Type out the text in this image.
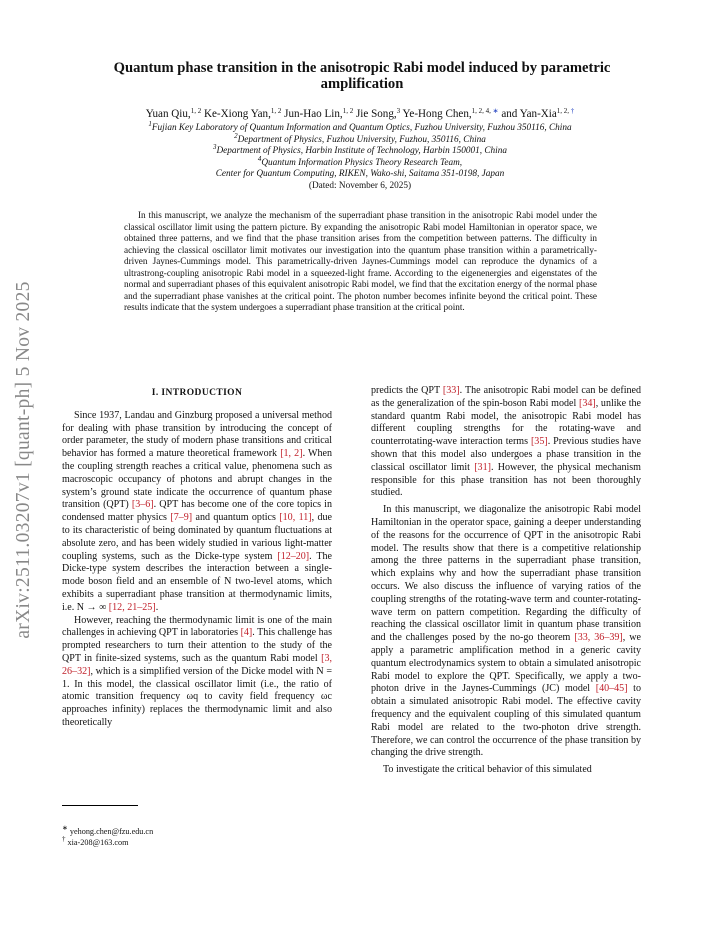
arXiv:2511.03207v1 [quant-ph] 5 Nov 2025
Quantum phase transition in the anisotropic Rabi model induced by parametric
amplification
Yuan Qiu,$^{1, 2}$ Ke-Xiong Yan,$^{1, 2}$ Jun-Hao Lin,$^{1, 2}$ Jie Song,$^3$ Ye-Hong Chen,$^{1, 2, 4, ∗}$ and Yan-Xia$^{1, 2, \dagger}$
$^1$Fujian Key Laboratory of Quantum Information and Quantum Optics, Fuzhou University, Fuzhou 350116, China
$^2$Department of Physics, Fuzhou University, Fuzhou, 350116, China
$^3$Department of Physics, Harbin Institute of Technology, Harbin 150001, China
$^4$Quantum Information Physics Theory Research Team,
Center for Quantum Computing, RIKEN, Wako-shi, Saitama 351-0198, Japan
(Dated: November 6, 2025)
In this manuscript, we analyze the mechanism of the superradiant phase transition in the anisotropic Rabi model under the classical oscillator limit using the pattern picture. By expanding the anisotropic Rabi model Hamiltonian in operator space, we obtained three patterns, and we find that the phase transition arises from the competition between patterns. The difficulty in achieving the classical oscillator limit motivates our investigation into the quantum phase transition within a parametrically-driven Jaynes-Cummings model. This parametrically-driven Jaynes-Cummings model can reproduce the dynamics of a ultrastrong-coupling anisotropic Rabi model in a squeezed-light frame. According to the eigenenergies and eigenstates of the normal and superradiant phases of this equivalent anisotropic Rabi model, we find that the excitation energy of the normal phase and the superradiant phase vanishes at the critical point. The photon number becomes infinite beyond the critical point. These results indicate that the system undergoes a superradiant phase transition at the critical point.
I. INTRODUCTION

Since 1937, Landau and Ginzburg proposed a universal method for dealing with phase transition by introducing the concept of order parameter, the study of modern phase transitions and critical behavior has formed a mature theoretical framework [1, 2]. When the coupling strength reaches a critical value, phenomena such as macroscopic occupancy of photons and abrupt changes in the system’s ground state indicate the occurrence of quantum phase transition (QPT) [3–6]. QPT has become one of the core topics in condensed matter physics [7–9] and quantum optics [10, 11], due to its characteristic of being dominated by quantum fluctuations at absolute zero, and has been widely studied in various light-matter coupling systems, such as the Dicke-type system [12–20]. The Dicke-type system describes the interaction between a single-mode boson field and an ensemble of N two-level atoms, which exhibits a superradiant phase transition at thermodynamic limits, i.e. N → ∞ [12, 21–25].

However, reaching the thermodynamic limit is one of the main challenges in achieving QPT in laboratories [4]. This challenge has prompted researchers to turn their attention to the study of the QPT in finite-sized systems, such as the quantum Rabi model [3, 26–32], which is a simplified version of the Dicke model with N = 1. In this model, the classical oscillator limit (i.e., the ratio of atomic transition frequency ωq to cavity field frequency ωc approaches infinity) replaces the thermodynamic limit and also theoretically

predicts the QPT [33]. The anisotropic Rabi model can be defined as the generalization of the spin-boson Rabi model [34], unlike the standard quantm Rabi model, the anisotropic Rabi model has different coupling strengths for the rotating-wave and counterrotating-wave interaction terms [35]. Previous studies have shown that this model also undergoes a phase transition in the classical oscillator limit [31]. However, the physical mechanism responsible for this phase transition has not been thoroughly studied.

In this manuscript, we diagonalize the anisotropic Rabi model Hamiltonian in the operator space, gaining a deeper understanding of the reasons for the occurrence of QPT in the anisotropic Rabi model. The results show that there is a competitive relationship among the three patterns in the superradiant phase transition, which explains why and how the superradiant phase transition occurs. We also discuss the influence of varying ratios of the coupling strengths of the rotating-wave term and counter-rotating-wave term on pattern competition. Regarding the difficulty of reaching the classical oscillator limit in quantum phase transition and the challenges posed by the no-go theorem [33, 36–39], we apply a parametric amplification method in a generic cavity quantum electrodynamics system to obtain a simulated anisotropic Rabi model to explore the QPT. Specifically, we apply a two-photon drive in the Jaynes-Cummings (JC) model [40–45] to obtain a simulated anisotropic Rabi model. The effective cavity frequency and the equivalent coupling of this simulated quantum Rabi model are related to the two-photon drive strength. Therefore, we can control the occurrence of the phase transition by changing the drive strength.

To investigate the critical behavior of this simulated

∗ yehong.chen@fzu.edu.cn
† xia-208@163.com
